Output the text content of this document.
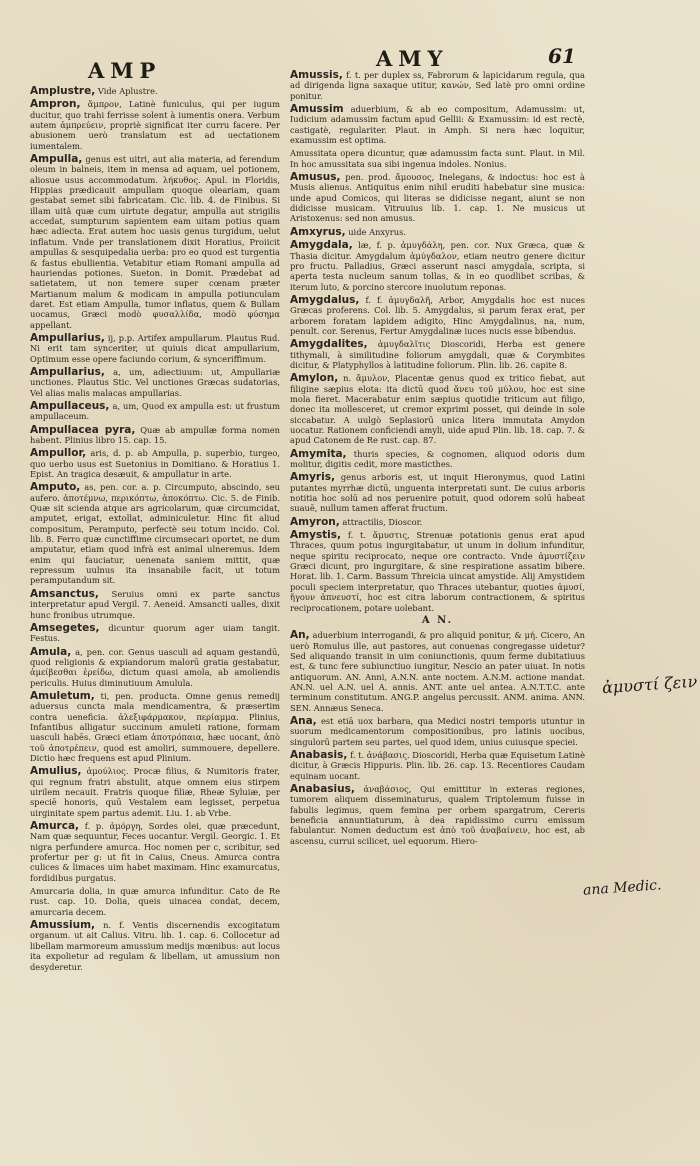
AMP	AMY	61
Amplustre, Vide Aplustre.
Ampron, ἄμπρον, Latinè funiculus, qui per iugum ducitur, quo trahi ferrisse solent à iumentis onera. Verbum autem ἀμπρεύειν, propriè significat iter curru facere. Per abusionem uerò translatum est ad uectationem iumentalem.
Ampulla, genus est uitri, aut alia materia, ad ferendum oleum in balneis, item in mensa ad aquam, uel potionem, aliosue usus accommodatum. λήκυθος. Apul. in Floridis, Hippias prædicauit ampullam quoque oleariam, quam gestabat semet sibi fabricatam. Cic. lib. 4. de Finibus. Si illam uitâ quæ cum uirtute degatur, ampulla aut strigilis accedat, sumpturum sapientem eam uitam potius quam hæc adiecta. Erat autem hoc uasis genus turgidum, uelut inflatum. Vnde per translationem dixit Horatius, Proiicit ampullas & sesquipedalia uerba: pro eo quod est turgentia & fastus ebullientia. Vetabitur etiam Romani ampulla ad hauriendas potiones. Sueton. in Domit. Prædebat ad satietatem, ut non temere super cœnam præter Martianum malum & modicam in ampulla potiunculam daret. Est etiam Ampulla, tumor inflatus, quem & Bullam uocamus, Græci modò φυσαλλίδα, modò φύσημα appellant.
Ampullarius, ij, p.p. Artifex ampullarum. Plautus Rud. Ni erit tam synceriter, ut quiuis dicat ampullarium, Optimum esse opere faciundo corium, & synceriffimum.
Ampullarius, a, um, adiectiuum: ut, Ampullariæ unctiones. Plautus Stic. Vel unctiones Græcas sudatorias, Vel alias malis malacas ampullarias.
Ampullaceus, a, um, Quod ex ampulla est: ut frustum ampullaceum.
Ampullacea pyra, Quæ ab ampullæ forma nomen habent. Plinius libro 15. cap. 15.
Ampullor, aris, d. p. ab Ampulla, p. superbio, turgeo, quo uerbo usus est Suetonius in Domitiano. & Horatius 1. Epist. An tragica desæuit, & ampullatur in arte.
Amputo, as, pen. cor. a. p. Circumputo, abscindo, seu aufero. ἀποτέμνω, περικόπτω, ἀποκόπτω. Cic. 5. de Finib. Quæ sit scienda atque ars agricolarum, quæ circumcidat, amputet, erigat, extollat, adminiculetur. Hinc fit aliud compositum, Peramputo, perfectè seu totum incido. Col. lib. 8. Ferro quæ cunctiffime circumsecari oportet, ne dum amputatur, etiam quod infrà est animal ulneremus. Idem enim qui fauciatur, uenenata saniem mittit, quæ repressum uulnus ita insanabile facit, ut totum peramputandum sit.
Amsanctus, Seruius omni ex parte sanctus interpretatur apud Vergil. 7. Aeneid. Amsancti ualles, dixit hunc fronibus utrumque.
Amsegetes, dicuntur quorum ager uiam tangit. Festus.
Amula, a, pen. cor. Genus uasculi ad aquam gestandū, quod religionis & expiandorum malorū gratia gestabatur, ἀμείβεσθαι ἐρείδω, dictum quasi amola, ab amoliendis periculis. Huius diminutiuum Amulula.
Amuletum, ti, pen. producta. Omne genus remedij aduersus cuncta mala mendicamentra, & præsertim contra ueneficia. ἀλεξιφάρμακον, περίαμμα. Plinius, Infantibus alligatur succinum amuleti ratione, formam uasculi habēs. Græci etiam ἀποτρόπαια, hæc uocant, ἀπὸ τοῦ ἀποτρέπειν, quod est amoliri, summouere, depellere. Dictio hæc frequens est apud Plinium.
Amulius, ἀμούλιος. Procæ filius, & Numitoris frater, qui regnum fratri abstulit, atque omnem eius stirpem uirilem necauit. Fratris quoque filiæ, Rheæ Syluiæ, per speciē honoris, quū Vestalem eam legisset, perpetua uirginitate spem partus ademit. Liu. 1. ab Vrbe.
Amurca, f. p. ἀμόργη, Sordes olei, quæ præcedunt, Nam quæ sequuntur, Feces uocantur. Vergil. Georgic. 1. Et nigra perfundere amurca. Hoc nomen per c, scribitur, sed profertur per g: ut fit in Caius, Cneus. Amurca contra culices & limaces uim habet maximam. Hinc examurcatus, fordidibus purgatus.
Amurcaria dolia, in quæ amurca infunditur. Cato de Re rust. cap. 10. Dolia, queis uinacea condat, decem, amurcaria decem.
Amussium, n. f. Ventis discernendis excogitatum organum. ut ait Calius. Vitru. lib. 1. cap. 6. Collocetur ad libellam marmoreum amussium medijs mœnibus: aut locus ita expolietur ad regulam & libellam, ut amussium non desyderetur.
Amussis, f. t. per duplex ss, Fabrorum & lapicidarum regula, qua ad dirigenda ligna saxaque utitur, κανών, Sed latè pro omni ordine ponitur.
Amussim aduerbium, & ab eo compositum, Adamussim: ut, Iudicium adamussim factum apud Gellii: & Examussim: id est rectè, castigatè, regulariter. Plaut. in Amph. Si nera hæc loquitur, examussim est optima.
Amussitata opera dicuntur, quæ adamussim facta sunt. Plaut. in Mil. In hoc amussitata sua sibi ingenua indoles. Nonius.
Amusus, pen. prod. ἄμουσος, Inelegans, & indoctus: hoc est à Musis alienus. Antiquitus enim nihil eruditi habebatur sine musica: unde apud Comicos, qui literas se didicisse negant, aiunt se non didicisse musicam. Vitruuius lib. 1. cap. 1. Ne musicus ut Aristoxenus: sed non amusus.
Amxyrus, uide Anxyrus.
Amygdala, læ, f. p. ἀμυγδάλη, pen. cor. Nux Græca, quæ & Thasia dicitur. Amygdalum ἀμύγδαλον, etiam neutro genere dicitur pro fructu. Palladius, Græci asserunt nasci amygdala, scripta, si aperta testa nucleum sanum tollas, & in eo quodlibet scribas, & iterum luto, & porcino stercore inuolutum reponas.
Amygdalus, f. f. ἀμυγδαλῆ, Arbor, Amygdalis hoc est nuces Græcas proferens. Col. lib. 5. Amygdalus, si parum ferax erat, per arborem foratam lapidem adigito, Hinc Amygdalinus, na, num, penult. cor. Serenus, Fertur Amygdalinæ iuces nucis esse bibendus.
Amygdalites, ἀμυγδαλῖτις Dioscoridi, Herba est genere tithymali, à similitudine foliorum amygdali, quæ & Corymbites dicitur, & Platyphyllos à latitudine foliorum. Plin. lib. 26. capite 8.
Amylon, n. ἄμυλον, Placentæ genus quod ex tritico fiebat, aut filigine sæpius elota: ita dictū quod ἄνευ τοῦ μύλου, hoc est sine mola fieret. Macerabatur enim sæpius quotidie triticum aut filigo, donec ita mollesceret, ut cremor exprimi posset, qui deinde in sole siccabatur. A uulgò Seplasiorū unica litera immutata Amydon uocatur. Rationem conficiendi amyli, uide apud Plin. lib. 18. cap. 7. & apud Catonem de Re rust. cap. 87.
Amymita, thuris species, & cognomen, aliquod odoris dum molitur, digitis cedit, more masticthes.
Amyris, genus arboris est, ut inquit Hieronymus, quod Latini putantes myrrhæ dictū, unguenta interpretati sunt. De cuius arboris notitia hoc solū ad nos peruenire potuit, quod odorem solū habeat suauē, nullum tamen afferat fructum.
Amyron, attractilis, Dioscor.
Amystis, f. t. ἄμυστις, Strenuæ potationis genus erat apud Thraces, quum potus ingurgitabatur, ut unum in dolium infunditur, neque spiritu reciprocato, neque ore contracto. Vnde ἀμυστίζειν Græci dicunt, pro ingurgitare, & sine respiratione assatim bibere. Horat. lib. 1. Carm. Bassum Threicia uincat amystide. Alij Amystidem poculi speciem interpretatur, quo Thraces utebantur, quoties ἀμυσί, ἤγουν ἀπνευστί, hoc est citra laborum contractionem, & spiritus reciprocationem, potare uolebant.
A N.
An, aduerbium interrogandi, & pro aliquid ponitur, & μή. Cicero, An uerò Romulus ille, aut pastores, aut conuenas congregasse uidetur? Sed aliquando transit in uim coniunctionis, quum ferme dubitatiuus est, & tunc fere subiunctiuo iungitur, Nescio an pater uiuat. In notis antiquorum. AN. Anni, A.N.N. ante noctem. A.N.M. actione mandat. AN.N. uel A.N. uel A. annis. ANT. ante uel antea. A.N.T.T.C. ante terminum constitutum. ANG.P. angelus percussit. ANM. anima. ANN. SEN. Annæus Seneca.
Ana, est etiā uox barbara, qua Medici nostri temporis utuntur in suorum medicamentorum compositionibus, pro latinis uocibus, singulorū partem seu partes, uel quod idem, unius cuiusque speciei.
Anabasis, f. t. ἀνάβασις. Dioscoridi, Herba quæ Equisetum Latinè dicitur, à Græcis Hippuris. Plin. lib. 26. cap. 13. Recentiores Caudam equinam uocant.
Anabasius, ἀναβάσιος, Qui emittitur in exteras regiones, tumorem aliquem disseminaturus, qualem Triptolemum fuisse in fabulis legimus, quem femina per orbem spargatrum, Cereris beneficia annuntiaturum, à dea rapidissimo curru emissum fabulantur. Nomen deductum est ἀπὸ τοῦ ἀναβαίνειν, hoc est, ab ascensu, currui scilicet, uel equorum. Hiero-
ἀμυστί ζειν
ana Medic.
